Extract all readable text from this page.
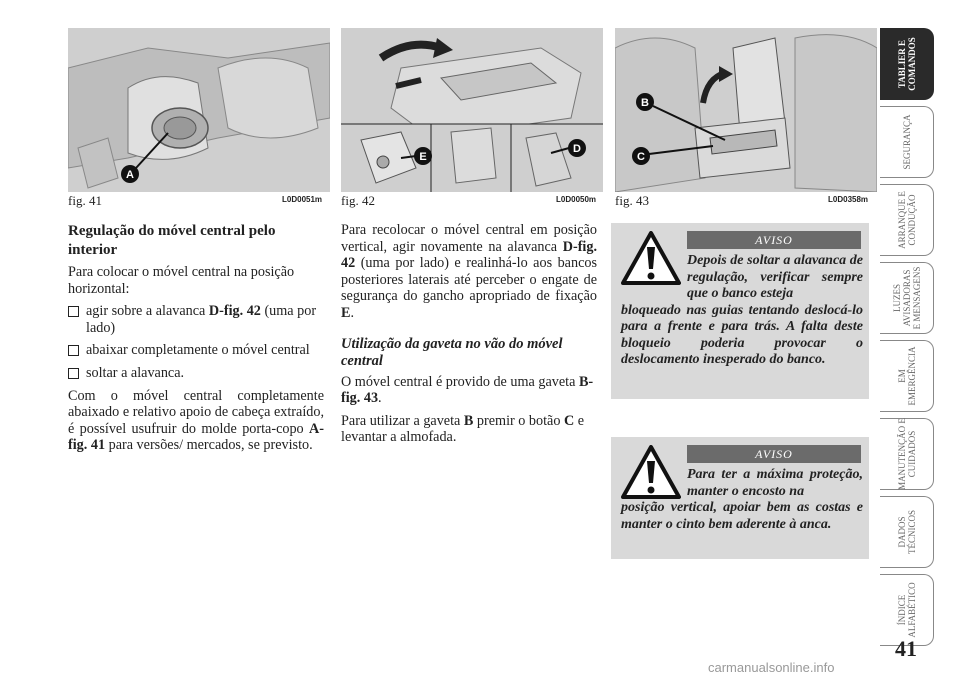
A
fig. 41	L0D0051m
E
D
fig. 42	L0D0050m
B
C
fig. 43	L0D0358m

Regulação do móvel central pelo interior

Para colocar o móvel central na posição horizontal:

agir sobre a alavanca D-fig. 42 (uma por lado)
abaixar completamente o móvel central
soltar a alavanca.

Com o móvel central completamente abaixado e relativo apoio de cabeça extraído, é possível usufruir do molde porta-copo A-fig. 41 para versões/ mercados, se previsto.

Para recolocar o móvel central em posição vertical, agir novamente na alavanca D-fig. 42 (uma por lado) e realinhá-lo aos bancos posteriores laterais até perceber o engate de segurança do gancho apropriado de fixação E.

Utilização da gaveta no vão do móvel central

O móvel central é provido de uma gaveta B-fig. 43.

Para utilizar a gaveta B premir o botão C e levantar a almofada.

AVISO
Depois de soltar a alavanca de regulação, verificar sempre que o banco esteja
bloqueado nas guias tentando deslocá-lo para a frente e para trás. A falta deste bloqueio poderia provocar o deslocamento inesperado do banco.
AVISO
Para ter a máxima proteção, manter o encosto na
posição vertical, apoiar bem as costas e manter o cinto bem aderente à anca.
TABLIER E
COMANDOS
SEGURANÇA
ARRANQUE E
CONDUÇÃO
LUZES
AVISADORAS
E MENSAGENS
EM
EMERGÊNCIA
MANUTENÇÃO E
CUIDADOS
DADOS
TÉCNICOS
ÍNDICE
ALFABÉTICO
41
carmanualsonline.info
